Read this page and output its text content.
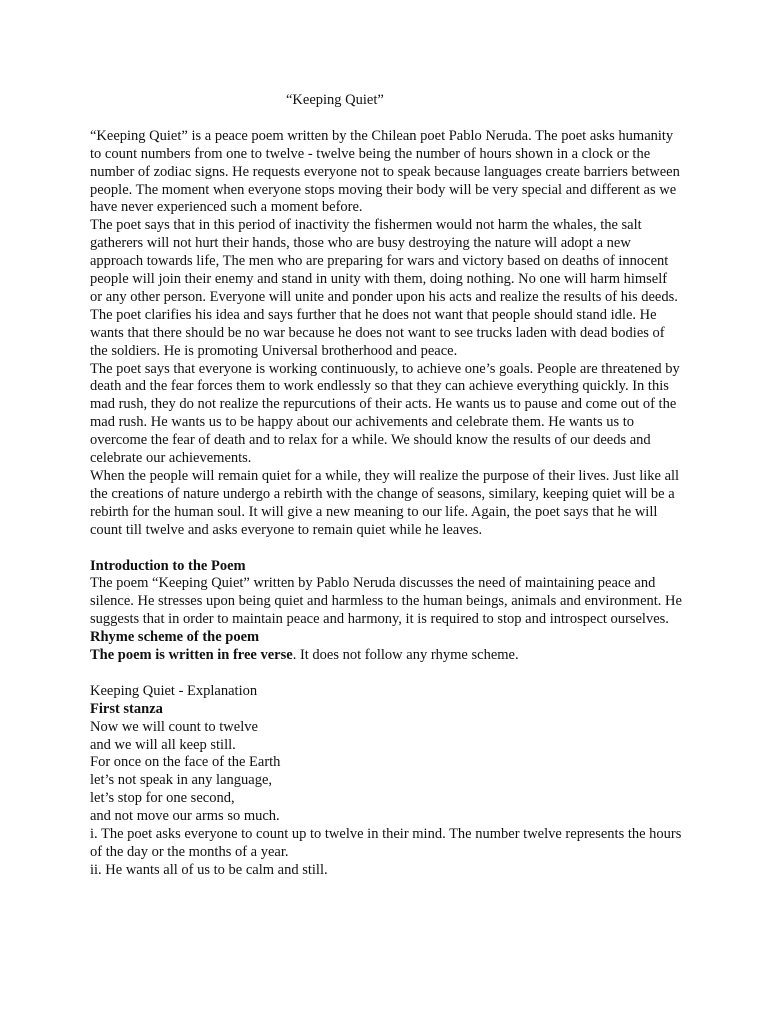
“Keeping Quiet”

“Keeping Quiet” is a peace poem written by the Chilean poet Pablo Neruda. The poet asks humanity to count numbers from one to twelve - twelve being the number of hours shown in a clock or the number of zodiac signs. He requests everyone not to speak because languages create barriers between people. The moment when everyone stops moving their body will be very special and different as we have never experienced such a moment before.

The poet says that in this period of inactivity the fishermen would not harm the whales, the salt gatherers will not hurt their hands, those who are busy destroying the nature will adopt a new approach towards life, The men who are preparing for wars and victory based on deaths of innocent people will join their enemy and stand in unity with them, doing nothing. No one will harm himself or any other person. Everyone will unite and ponder upon his acts and realize the results of his deeds.

The poet clarifies his idea and says further that he does not want that people should stand idle. He wants that there should be no war because he does not want to see trucks laden with dead bodies of the soldiers. He is promoting Universal brotherhood and peace.

The poet says that everyone is working continuously, to achieve one’s goals. People are threatened by death and the fear forces them to work endlessly so that they can achieve everything quickly. In this mad rush, they do not realize the repurcutions of their acts. He wants us to pause and come out of the mad rush. He wants us to be happy about our achivements and celebrate them. He wants us to overcome the fear of death and to relax for a while. We should know the results of our deeds and celebrate our achievements.

When the people will remain quiet for a while, they will realize the purpose of their lives. Just like all the creations of nature undergo a rebirth with the change of seasons, similary, keeping quiet will be a rebirth for the human soul. It will give a new meaning to our life. Again, the poet says that he will count till twelve and asks everyone to remain quiet while he leaves.

Introduction to the Poem

The poem “Keeping Quiet” written by Pablo Neruda discusses the need of maintaining peace and silence. He stresses upon being quiet and harmless to the human beings, animals and environment. He suggests that in order to maintain peace and harmony, it is required to stop and introspect ourselves.

Rhyme scheme of the poem

The poem is written in free verse. It does not follow any rhyme scheme.

Keeping Quiet - Explanation

First stanza

Now we will count to twelve

and we will all keep still.

For once on the face of the Earth

let’s not speak in any language,

let’s stop for one second,

and not move our arms so much.

i. The poet asks everyone to count up to twelve in their mind. The number twelve represents the hours of the day or the months of a year.

ii. He wants all of us to be calm and still.
